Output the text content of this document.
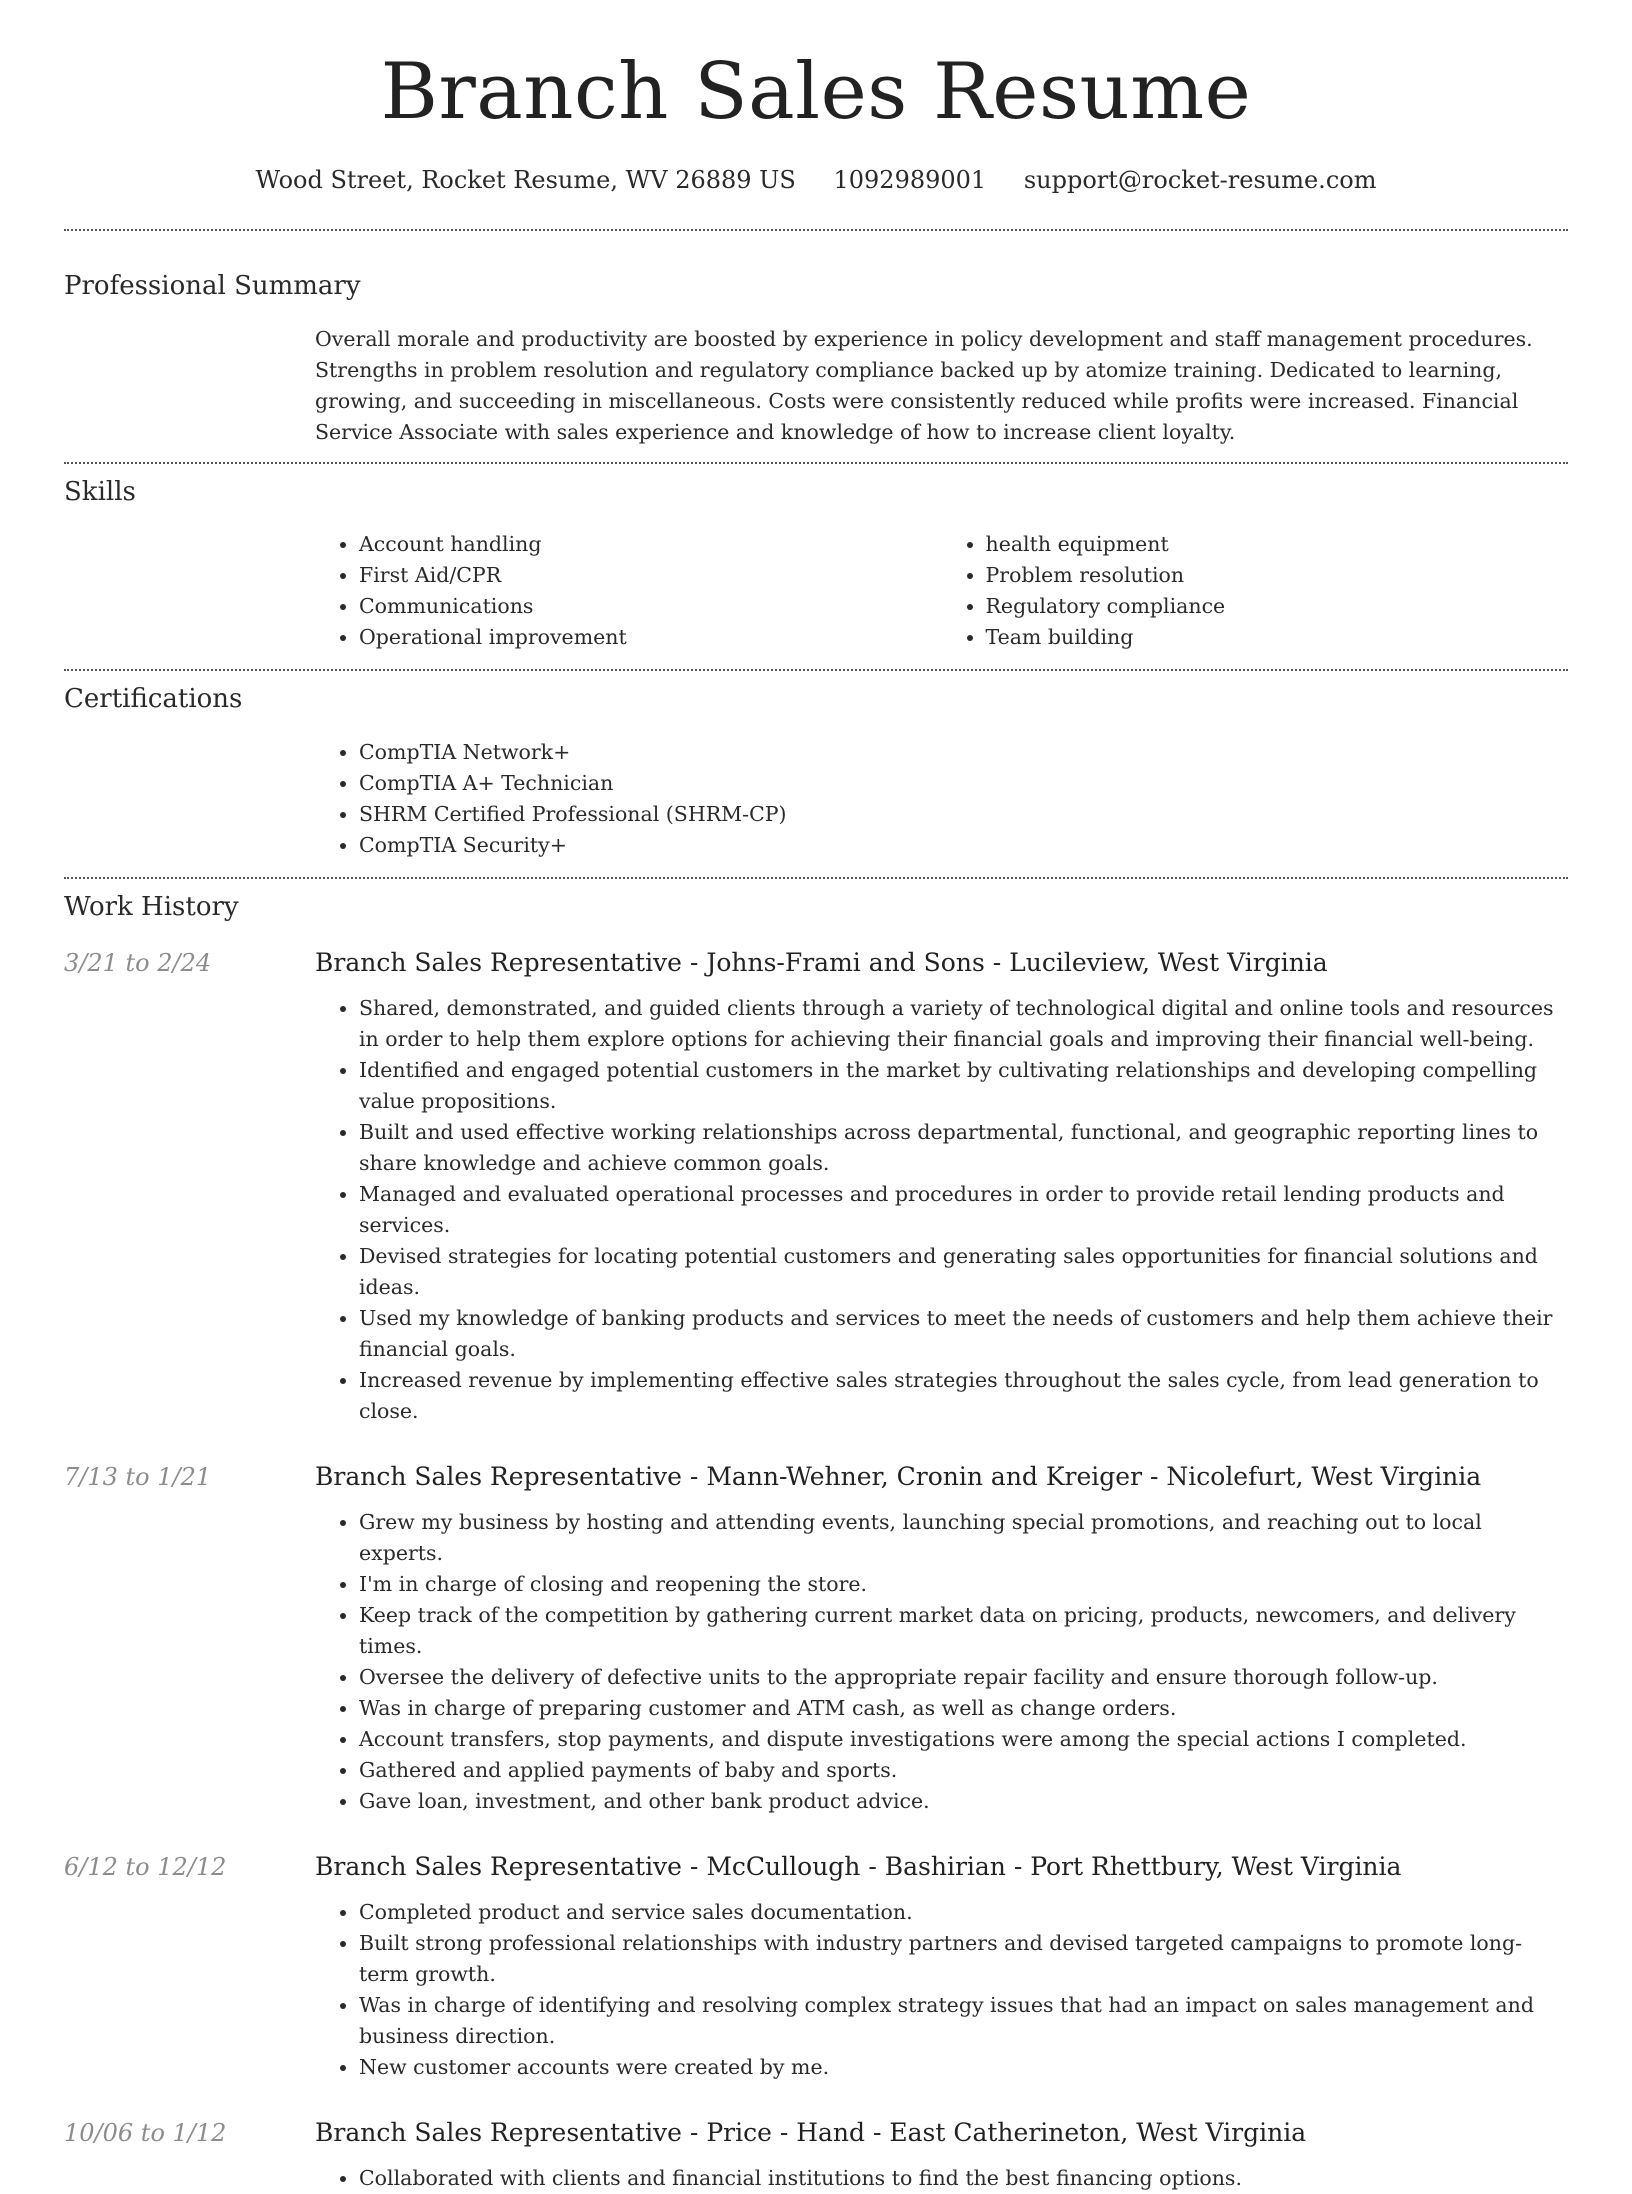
Branch Sales Resume
Wood Street, Rocket Resume, WV 26889 US 1092989001 support@rocket-resume.com
Professional Summary
Overall morale and productivity are boosted by experience in policy development and staff management procedures. Strengths in problem resolution and regulatory compliance backed up by atomize training. Dedicated to learning, growing, and succeeding in miscellaneous. Costs were consistently reduced while profits were increased. Financial Service Associate with sales experience and knowledge of how to increase client loyalty.
Skills
• Account handling
• First Aid/CPR
• Communications
• Operational improvement
• health equipment
• Problem resolution
• Regulatory compliance
• Team building
Certifications
• CompTIA Network+
• CompTIA A+ Technician
• SHRM Certified Professional (SHRM-CP)
• CompTIA Security+
Work History
3/21 to 2/24	Branch Sales Representative - Johns-Frami and Sons - Lucileview, West Virginia
• Shared, demonstrated, and guided clients through a variety of technological digital and online tools and resources in order to help them explore options for achieving their financial goals and improving their financial well-being.
• Identified and engaged potential customers in the market by cultivating relationships and developing compelling value propositions.
• Built and used effective working relationships across departmental, functional, and geographic reporting lines to share knowledge and achieve common goals.
• Managed and evaluated operational processes and procedures in order to provide retail lending products and services.
• Devised strategies for locating potential customers and generating sales opportunities for financial solutions and ideas.
• Used my knowledge of banking products and services to meet the needs of customers and help them achieve their financial goals.
• Increased revenue by implementing effective sales strategies throughout the sales cycle, from lead generation to close.
7/13 to 1/21	Branch Sales Representative - Mann-Wehner, Cronin and Kreiger - Nicolefurt, West Virginia
• Grew my business by hosting and attending events, launching special promotions, and reaching out to local experts.
• I'm in charge of closing and reopening the store.
• Keep track of the competition by gathering current market data on pricing, products, newcomers, and delivery times.
• Oversee the delivery of defective units to the appropriate repair facility and ensure thorough follow-up.
• Was in charge of preparing customer and ATM cash, as well as change orders.
• Account transfers, stop payments, and dispute investigations were among the special actions I completed.
• Gathered and applied payments of baby and sports.
• Gave loan, investment, and other bank product advice.
6/12 to 12/12	Branch Sales Representative - McCullough - Bashirian - Port Rhettbury, West Virginia
• Completed product and service sales documentation.
• Built strong professional relationships with industry partners and devised targeted campaigns to promote long-term growth.
• Was in charge of identifying and resolving complex strategy issues that had an impact on sales management and business direction.
• New customer accounts were created by me.
10/06 to 1/12	Branch Sales Representative - Price - Hand - East Catherineton, West Virginia
• Collaborated with clients and financial institutions to find the best financing options.
